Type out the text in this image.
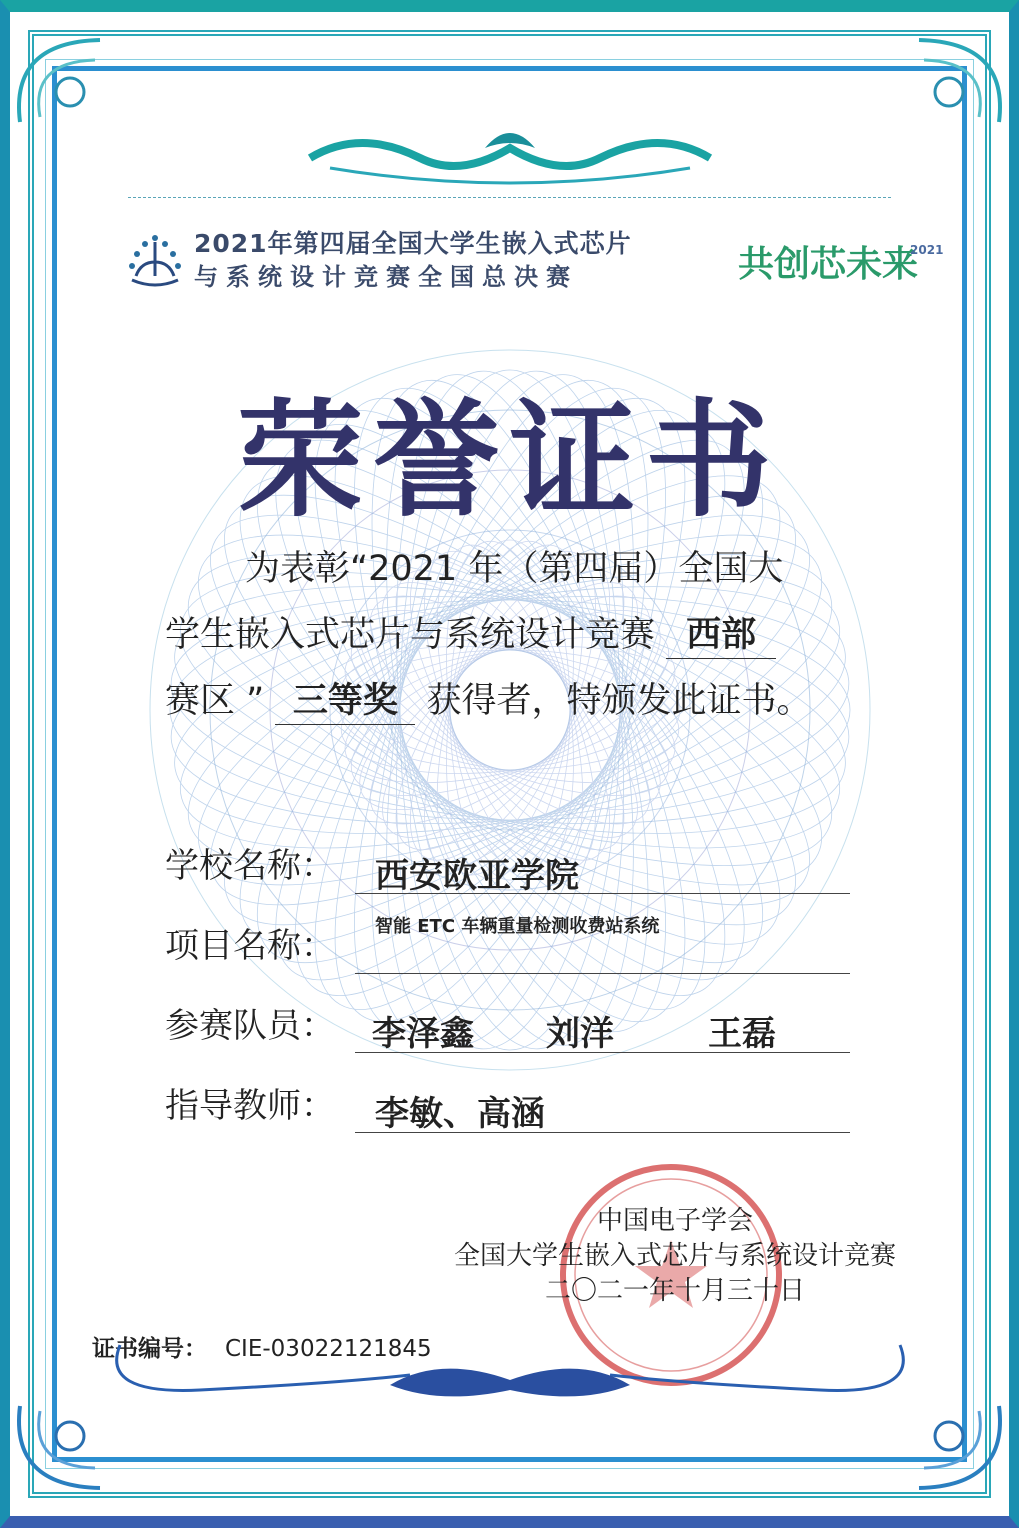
2021年第四届全国大学生嵌入式芯片
与系统设计竞赛全国总决赛	共创芯未来$^{2021}$
荣誉证书
为表彰“2021 年（第四届）全国大
学生嵌入式芯片与系统设计竞赛 西部
赛区 ” 三等奖 获得者，特颁发此证书。
学校名称： 西安欧亚学院
项目名称： 智能 ETC 车辆重量检测收费站系统
参赛队员： 李泽鑫 刘洋	王磊
指导教师： 李敏、高涵
中国电子学会
全国大学生嵌入式芯片与系统设计竞赛
二〇二一年十月三十日
证书编号： CIE-03022121845
